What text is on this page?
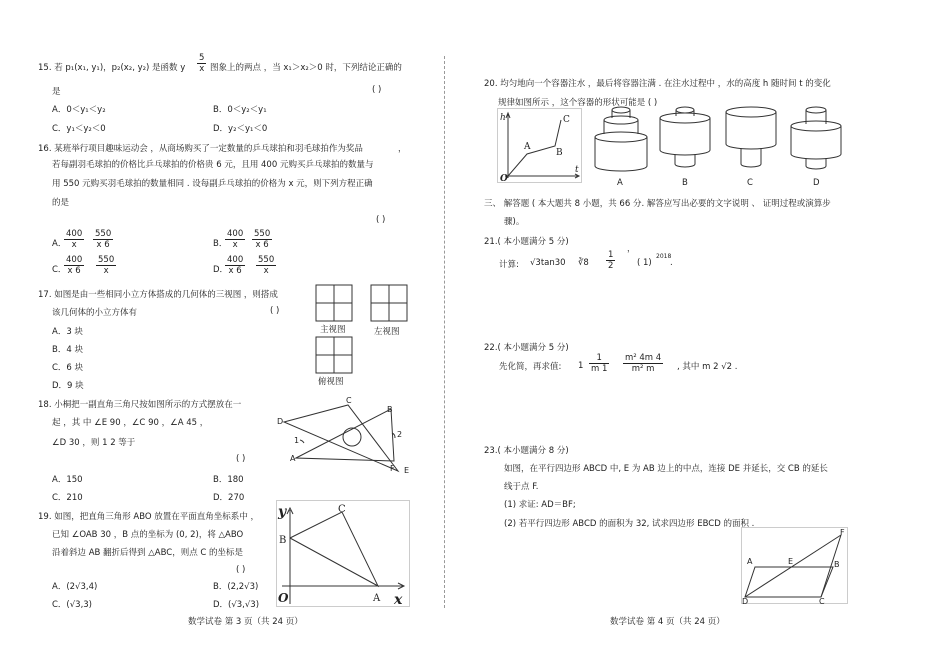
15. 若 p₁(x₁, y₁)，p₂(x₂, y₂) 是函数 y $\frac{5}{x}$ 图象上的两点 ，当 x₁＞x₂＞0 时，下列结论正确的
是	( )
A．0＜y₁＜y₂	B．0＜y₂＜y₁
C．y₁＜y₂＜0	D．y₂＜y₁＜0
16. 某班举行项目趣味运动会 ，从商场购买了一定数量的乒乓球拍和羽毛球拍作为奖品	，
若每副羽毛球拍的价格比乒乓球拍的价格贵 6 元，且用 400 元购买乒乓球拍的数量与
用 550 元购买羽毛球拍的数量相同 . 设每副乒乓球拍的价格为 x 元，则下列方程正确
的是
( )
A．
$\frac{400}{x} \frac{550}{x 6}$	B．
$\frac{400}{x} \frac{550}{x 6}$
C．
$\frac{400}{x 6} \frac{550}{x}$	D．
$\frac{400}{x 6} \frac{550}{x}$
17. 如图是由一些相同小立方体搭成的几何体的三视图 ，则搭成
该几何体的小立方体有	( )
A．3 块
B．4 块
C．6 块
D．9 块
主视图	左视图
俯视图
18. 小桐把一副直角三角尺按如图所示的方式摆放在一
起 ，其 中 ∠E 90 ，∠C 90 ，∠A 45 ，
∠D 30 ，则 1 2 等于
( )
A．150	B．180
C．210	D．270
C
D
E
B
1
2
A
F
19. 如图，把直角三角形 ABO 放置在平面直角坐标系中 ，
已知 ∠OAB 30 ，B 点的坐标为 (0, 2)，将 △ABO
沿着斜边 AB 翻折后得到 △ABC，则点 C 的坐标是
( )
A．(2√3,4)	B．(2,2√3)
C．(√3,3)	D．(√3,√3)
y	C
B
O	A x
数学试卷 第 3 页（共 24 页）
20. 均匀地向一个容器注水 ，最后将容器注满 . 在注水过程中 ，水的高度 h 随时间 t 的变化
规律如图所示 ，这个容器的形状可能是 ( )
h	C
A
B
O
t
A	B	C	D
三、 解答题 ( 本大题共 8 小题，共 66 分. 解答应写出必要的文字说明 、 证明过程或演算步
骤)。
21.( 本小题满分 5 分)
，
计算: √3tan30 ∛8 $\frac{1}{2}$	( 1)
2018
.
22.( 本小题满分 5 分)
先化简，再求值: $1 \frac{1}{m 1} \frac{\text{m² 4m 4}}{\text{m² m}}$ , 其中 m 2 √2 .
23.( 本小题满分 8 分)
如图，在平行四边形 ABCD 中, E 为 AB 边上的中点，连接 DE 并延长，交 CB 的延长
线于点 F.
(1) 求证: AD＝BF;
(2) 若平行四边形 ABCD 的面积为 32, 试求四边形 EBCD 的面积 .
F
A	E	B
D	C
数学试卷 第 4 页（共 24 页）
